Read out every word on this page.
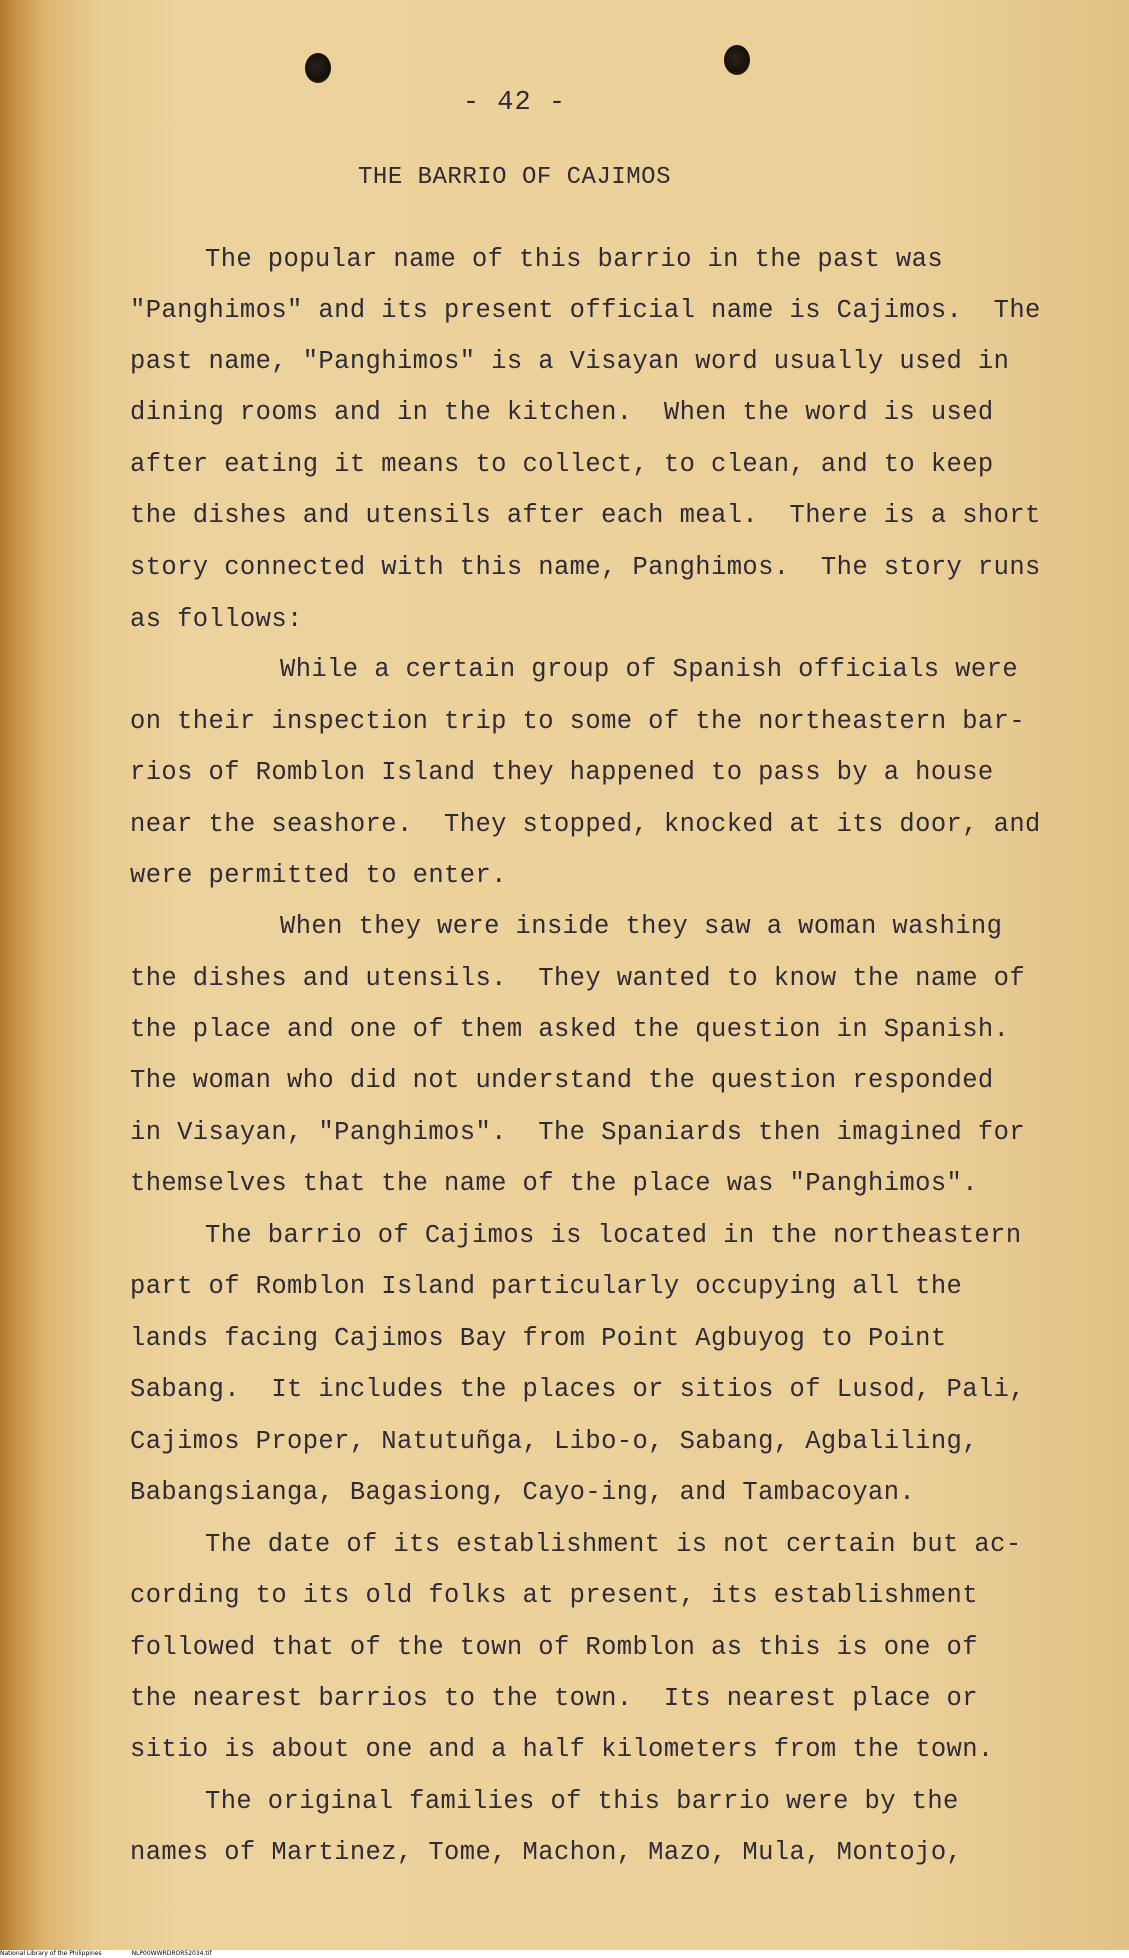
- 42 -
THE BARRIO OF CAJIMOS
The popular name of this barrio in the past was
"Panghimos" and its present official name is Cajimos.  The
past name, "Panghimos" is a Visayan word usually used in
dining rooms and in the kitchen.  When the word is used
after eating it means to collect, to clean, and to keep
the dishes and utensils after each meal.  There is a short
story connected with this name, Panghimos.  The story runs
as follows:
While a certain group of Spanish officials were
on their inspection trip to some of the northeastern bar-
rios of Romblon Island they happened to pass by a house
near the seashore.  They stopped, knocked at its door, and
were permitted to enter.
When they were inside they saw a woman washing
the dishes and utensils.  They wanted to know the name of
the place and one of them asked the question in Spanish.
The woman who did not understand the question responded
in Visayan, "Panghimos".  The Spaniards then imagined for
themselves that the name of the place was "Panghimos".
The barrio of Cajimos is located in the northeastern
part of Romblon Island particularly occupying all the
lands facing Cajimos Bay from Point Agbuyog to Point
Sabang.  It includes the places or sitios of Lusod, Pali,
Cajimos Proper, Natutuñga, Libo-o, Sabang, Agbaliling,
Babangsianga, Bagasiong, Cayo-ing, and Tambacoyan.
The date of its establishment is not certain but ac-
cording to its old folks at present, its establishment
followed that of the town of Romblon as this is one of
the nearest barrios to the town.  Its nearest place or
sitio is about one and a half kilometers from the town.
The original families of this barrio were by the
names of Martinez, Tome, Machon, Mazo, Mula, Montojo,
National Library of the Philippines	NLP00WWRDROR52034.tif
